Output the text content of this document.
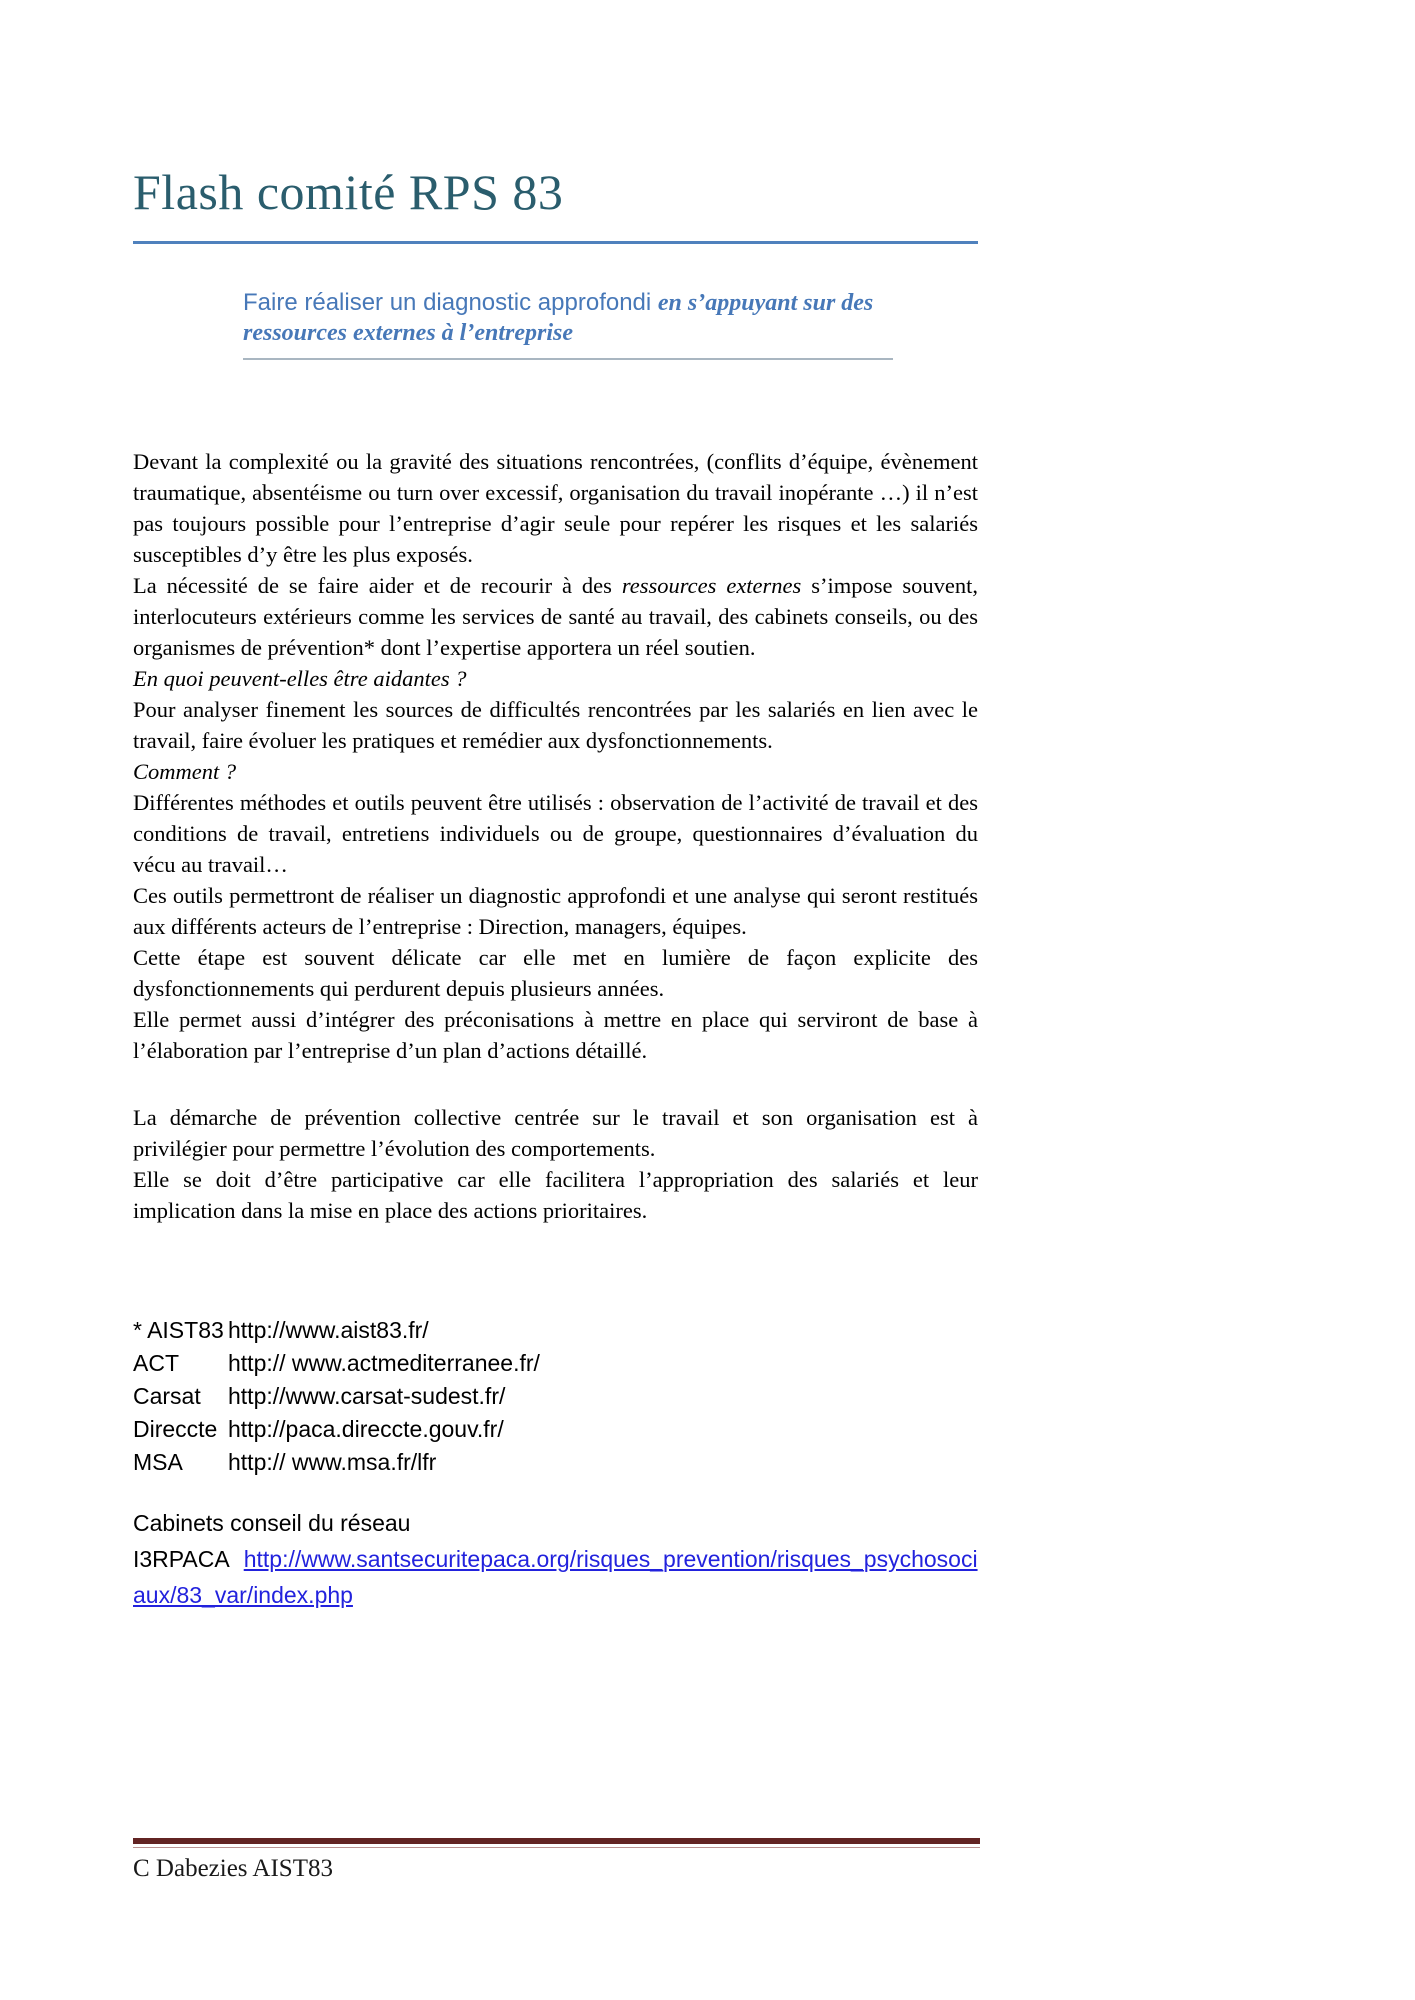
Flash comité RPS 83
Faire réaliser un diagnostic approfondi en s’appuyant sur des
ressources externes à l’entreprise

Devant la complexité ou la gravité des situations rencontrées, (conflits d’équipe, évènement traumatique, absentéisme ou turn over excessif, organisation du travail inopérante …) il n’est pas toujours possible pour l’entreprise d’agir seule pour repérer les risques et les salariés susceptibles d’y être les plus exposés.

La nécessité de se faire aider et de recourir à des ressources externes s’impose souvent, interlocuteurs extérieurs comme les services de santé au travail, des cabinets conseils, ou des organismes de prévention* dont l’expertise apportera un réel soutien.

En quoi peuvent-elles être aidantes ?

Pour analyser finement les sources de difficultés rencontrées par les salariés en lien avec le travail, faire évoluer les pratiques et remédier aux dysfonctionnements.

Comment ?

Différentes méthodes et outils peuvent être utilisés : observation de l’activité de travail et des conditions de travail, entretiens individuels ou de groupe, questionnaires d’évaluation du vécu au travail…

Ces outils permettront de réaliser un diagnostic approfondi et une analyse qui seront restitués aux différents acteurs de l’entreprise : Direction, managers, équipes.

Cette étape est souvent délicate car elle met en lumière de façon explicite des dysfonctionnements qui perdurent depuis plusieurs années.

Elle permet aussi d’intégrer des préconisations à mettre en place qui serviront de base à l’élaboration par l’entreprise d’un plan d’actions détaillé.

La démarche de prévention collective centrée sur le travail et son organisation est à privilégier pour permettre l’évolution des comportements.

Elle se doit d’être participative car elle facilitera l’appropriation des salariés et leur implication dans la mise en place des actions prioritaires.

* AIST83 http://www.aist83.fr/
ACT	http:// www.actmediterranee.fr/
Carsat	http://www.carsat-sudest.fr/
Direccte http://paca.direccte.gouv.fr/
MSA	http:// www.msa.fr/lfr

Cabinets conseil du réseau

I3RPACA http://www.santsecuritepaca.org/risques_prevention/risques_psychosociaux/83_var/index.php

C Dabezies AIST83
